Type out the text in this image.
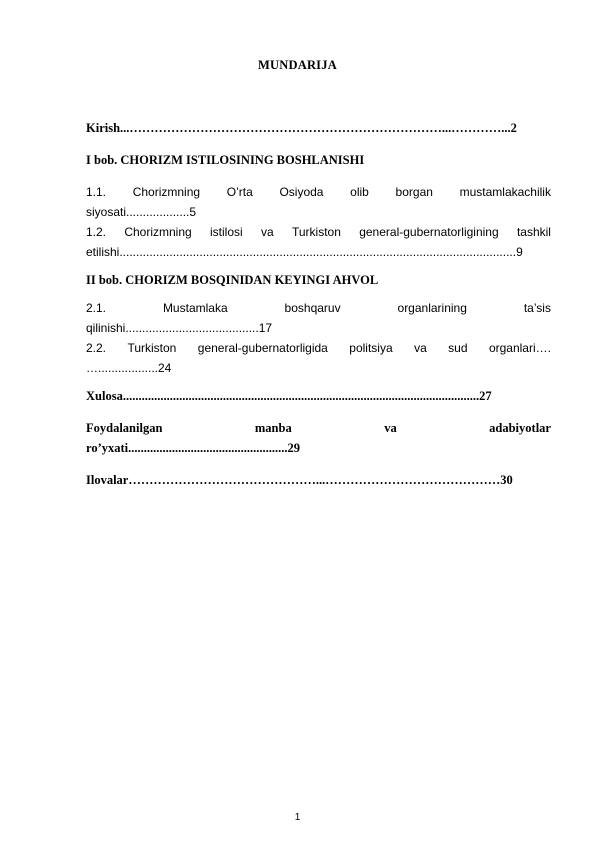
MUNDARIJA
Kirish...…………………………………………………………………...…………...2
I bob. CHORIZM ISTILOSINING BOSHLANISHI
1.1. Chorizmning O’rta Osiyoda olib borgan mustamlakachilik
siyosati...................5
1.2. Chorizmning istilosi va Turkiston general-gubernatorligining tashkil
etilishi.......................................................................................................................9
II bob. CHORIZM BOSQINIDAN KEYINGI AHVOL
2.1.	Mustamlaka	boshqaruv	organlarining	ta’sis
qilinishi........................................17
2.2. Turkiston general-gubernatorligida politsiya va sud organlari….
…..................24
Xulosa..................................................................................................................27
Foydalanilgan	manba	va	adabiyotlar
ro’yxati...................................................29
Ilovalar………………………………………...……………………………………30
1
